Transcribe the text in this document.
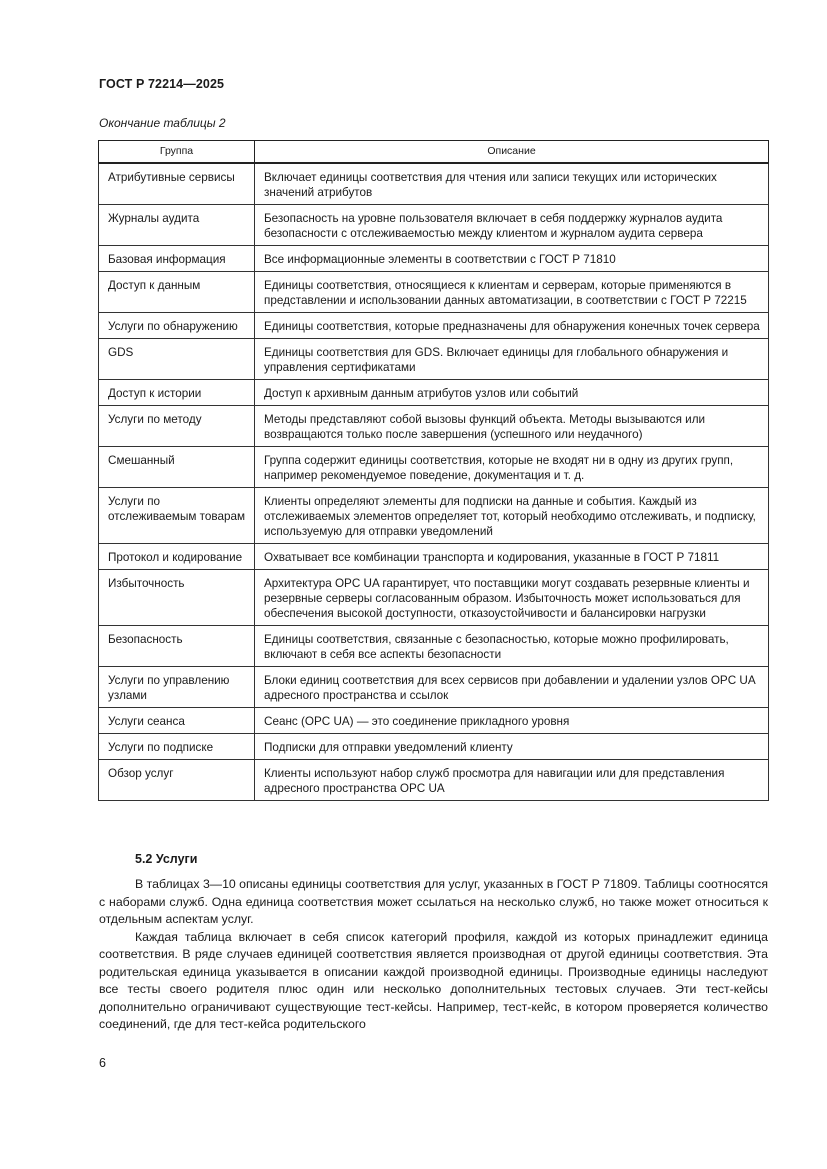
ГОСТ Р 72214—2025
Окончание таблицы 2
Группа	Описание
Атрибутивные сервисы	Включает единицы соответствия для чтения или записи текущих или исторических значений атрибутов
Журналы аудита	Безопасность на уровне пользователя включает в себя поддержку журналов аудита безопасности с отслеживаемостью между клиентом и журналом аудита сервера
Базовая информация	Все информационные элементы в соответствии с ГОСТ Р 71810
Доступ к данным	Единицы соответствия, относящиеся к клиентам и серверам, которые применяются в представлении и использовании данных автоматизации, в соответствии с ГОСТ Р 72215
Услуги по обнаружению	Единицы соответствия, которые предназначены для обнаружения конечных точек сервера
GDS	Единицы соответствия для GDS. Включает единицы для глобального обнаружения и управления сертификатами
Доступ к истории	Доступ к архивным данным атрибутов узлов или событий
Услуги по методу	Методы представляют собой вызовы функций объекта. Методы вызываются или возвращаются только после завершения (успешного или неудачного)
Смешанный	Группа содержит единицы соответствия, которые не входят ни в одну из других групп, например рекомендуемое поведение, документация и т. д.
Услуги по отслеживаемым товарам	Клиенты определяют элементы для подписки на данные и события. Каждый из отслеживаемых элементов определяет тот, который необходимо отслеживать, и подписку, используемую для отправки уведомлений
Протокол и кодирование	Охватывает все комбинации транспорта и кодирования, указанные в ГОСТ Р 71811
Избыточность	Архитектура OPC UA гарантирует, что поставщики могут создавать резервные клиенты и резервные серверы согласованным образом. Избыточность может использоваться для обеспечения высокой доступности, отказоустойчивости и балансировки нагрузки
Безопасность	Единицы соответствия, связанные с безопасностью, которые можно профилировать, включают в себя все аспекты безопасности
Услуги по управлению узлами	Блоки единиц соответствия для всех сервисов при добавлении и удалении узлов OPC UA адресного пространства и ссылок
Услуги сеанса	Сеанс (OPC UA) — это соединение прикладного уровня
Услуги по подписке	Подписки для отправки уведомлений клиенту
Обзор услуг	Клиенты используют набор служб просмотра для навигации или для представления адресного пространства OPC UA
5.2 Услуги

В таблицах 3—10 описаны единицы соответствия для услуг, указанных в ГОСТ Р 71809. Таблицы соотносятся с наборами служб. Одна единица соответствия может ссылаться на несколько служб, но также может относиться к отдельным аспектам услуг.

Каждая таблица включает в себя список категорий профиля, каждой из которых принадлежит единица соответствия. В ряде случаев единицей соответствия является производная от другой единицы соответствия. Эта родительская единица указывается в описании каждой производной единицы. Производные единицы наследуют все тесты своего родителя плюс один или несколько дополнительных тестовых случаев. Эти тест-кейсы дополнительно ограничивают существующие тест-кейсы. Например, тест-кейс, в котором проверяется количество соединений, где для тест-кейса родительского

6
